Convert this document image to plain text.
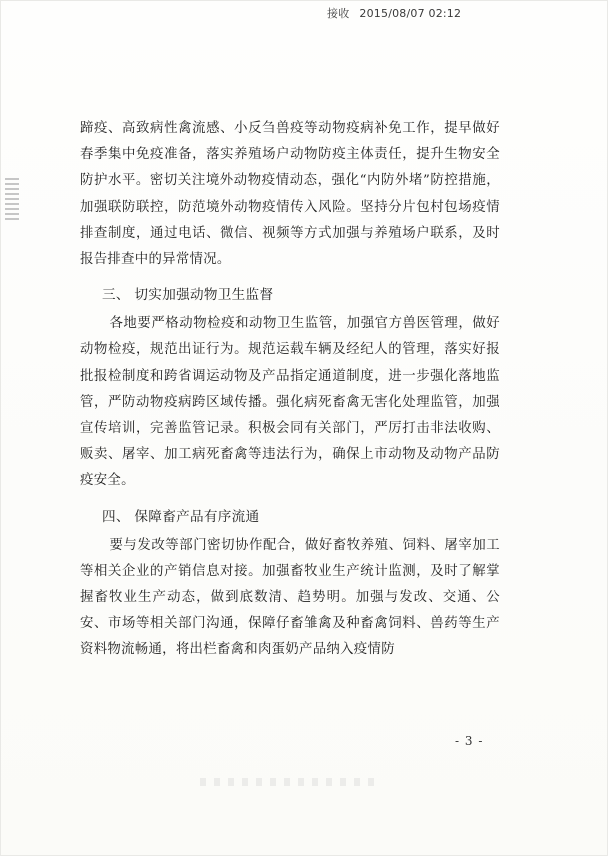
接收 2015/08/07 02:12

蹄疫、高致病性禽流感、小反刍兽疫等动物疫病补免工作，提早做好春季集中免疫准备，落实养殖场户动物防疫主体责任，提升生物安全防护水平。密切关注境外动物疫情动态，强化“内防外堵”防控措施，加强联防联控，防范境外动物疫情传入风险。坚持分片包村包场疫情排查制度，通过电话、微信、视频等方式加强与养殖场户联系，及时报告排查中的异常情况。

三、 切实加强动物卫生监督

各地要严格动物检疫和动物卫生监管，加强官方兽医管理，做好动物检疫，规范出证行为。规范运载车辆及经纪人的管理，落实好报批报检制度和跨省调运动物及产品指定通道制度，进一步强化落地监管，严防动物疫病跨区域传播。强化病死畜禽无害化处理监管，加强宣传培训，完善监管记录。积极会同有关部门，严厉打击非法收购、贩卖、屠宰、加工病死畜禽等违法行为，确保上市动物及动物产品防疫安全。

四、 保障畜产品有序流通

要与发改等部门密切协作配合，做好畜牧养殖、饲料、屠宰加工等相关企业的产销信息对接。加强畜牧业生产统计监测，及时了解掌握畜牧业生产动态，做到底数清、趋势明。加强与发改、交通、公安、市场等相关部门沟通，保障仔畜雏禽及种畜禽饲料、兽药等生产资料物流畅通，将出栏畜禽和肉蛋奶产品纳入疫情防

- 3 -
